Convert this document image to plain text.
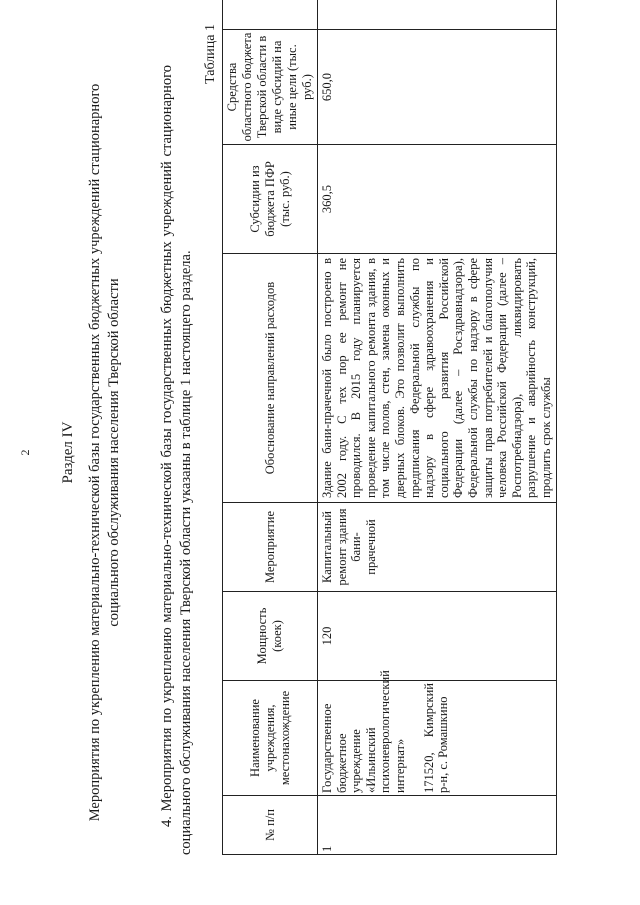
2 Раздел IV Мероприятия по укреплению материально-технической базы государственных бюджетных учреждений стационарного социального обслуживания населения Тверской области	4. Мероприятия по укреплению материально-технической базы государственных бюджетных учреждений стационарного социального обслуживания населения Тверской области указаны в таблице 1 настоящего раздела.
Таблица 1
№ п/п	Наименование учреждения, местонахождение	Мощность (коек)	Мероприятие	Обоснование направлений расходов	Субсидии из бюджета ПФР (тыс. руб.)	Средства областного бюджета Тверской области в виде субсидий на иные цели (тыс. руб.)	
1	Государственное бюджетное учреждение «Ильинский психоневрологический интернат» 171520, Кимрский р-н, с. Ромашкино	120	Капитальный ремонт здания бани-прачечной	Здание бани-прачечной было построено в 2002 году. С тех пор ее ремонт не проводился. В 2015 году планируется проведение капитального ремонта здания, в том числе полов, стен, замена оконных и дверных блоков. Это позволит выполнить предписания Федеральной службы по надзору в сфере здравоохранения и социального развития Российской Федерации (далее – Росздравнадзора), Федеральной службы по надзору в сфере защиты прав потребителей и благополучия человека Российской Федерации (далее – Роспотребнадзора), ликвидировать разрушение и аварийность конструкций, продлить срок службы	360,5	650,0	
